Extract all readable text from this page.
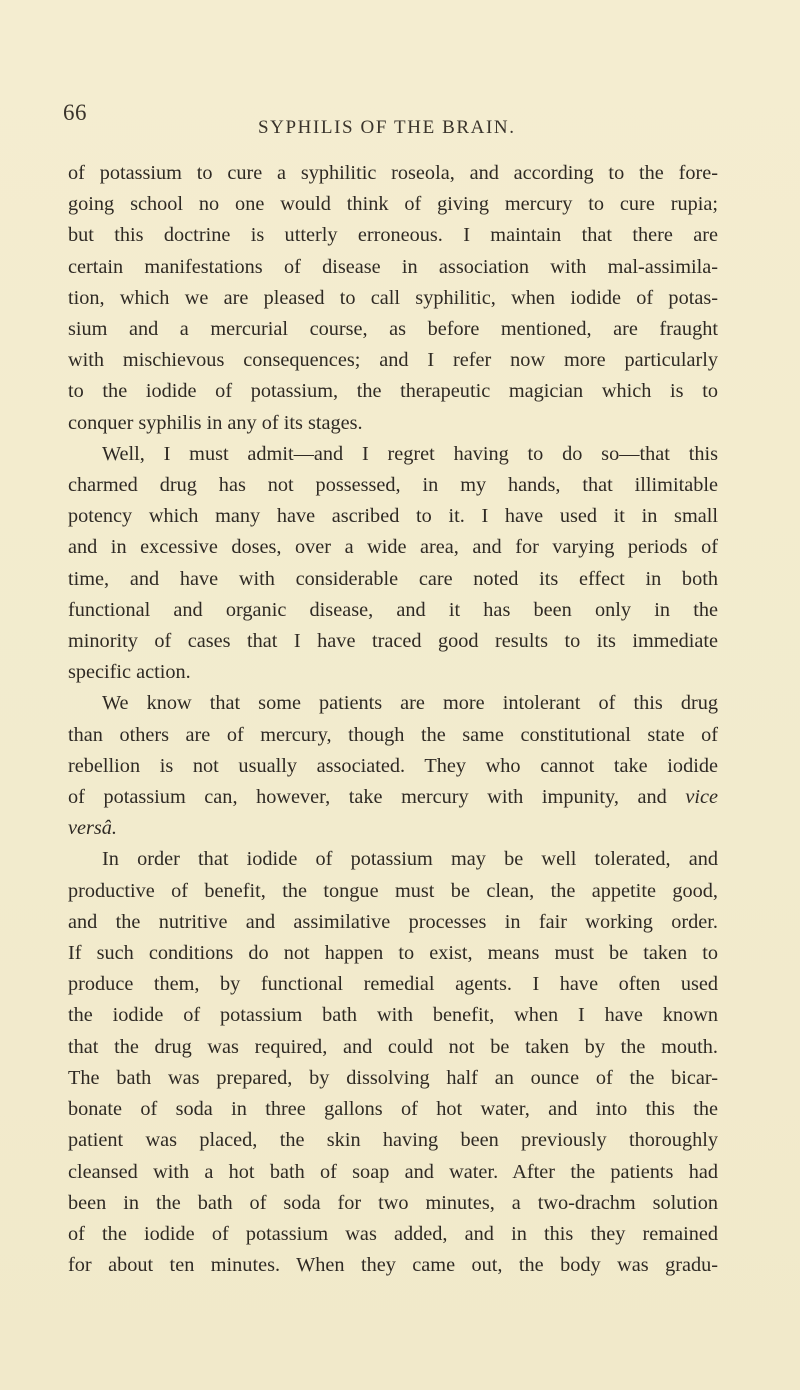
66
SYPHILIS OF THE BRAIN.
of potassium to cure a syphilitic roseola, and according to the fore-
going school no one would think of giving mercury to cure rupia;
but this doctrine is utterly erroneous. I maintain that there are
certain manifestations of disease in association with mal-assimila-
tion, which we are pleased to call syphilitic, when iodide of potas-
sium and a mercurial course, as before mentioned, are fraught
with mischievous consequences; and I refer now more particularly
to the iodide of potassium, the therapeutic magician which is to
conquer syphilis in any of its stages.
Well, I must admit—and I regret having to do so—that this
charmed drug has not possessed, in my hands, that illimitable
potency which many have ascribed to it. I have used it in small
and in excessive doses, over a wide area, and for varying periods of
time, and have with considerable care noted its effect in both
functional and organic disease, and it has been only in the
minority of cases that I have traced good results to its immediate
specific action.
We know that some patients are more intolerant of this drug
than others are of mercury, though the same constitutional state of
rebellion is not usually associated. They who cannot take iodide
of potassium can, however, take mercury with impunity, and vice
versâ.
In order that iodide of potassium may be well tolerated, and
productive of benefit, the tongue must be clean, the appetite good,
and the nutritive and assimilative processes in fair working order.
If such conditions do not happen to exist, means must be taken to
produce them, by functional remedial agents. I have often used
the iodide of potassium bath with benefit, when I have known
that the drug was required, and could not be taken by the mouth.
The bath was prepared, by dissolving half an ounce of the bicar-
bonate of soda in three gallons of hot water, and into this the
patient was placed, the skin having been previously thoroughly
cleansed with a hot bath of soap and water. After the patients had
been in the bath of soda for two minutes, a two-drachm solution
of the iodide of potassium was added, and in this they remained
for about ten minutes. When they came out, the body was gradu-
